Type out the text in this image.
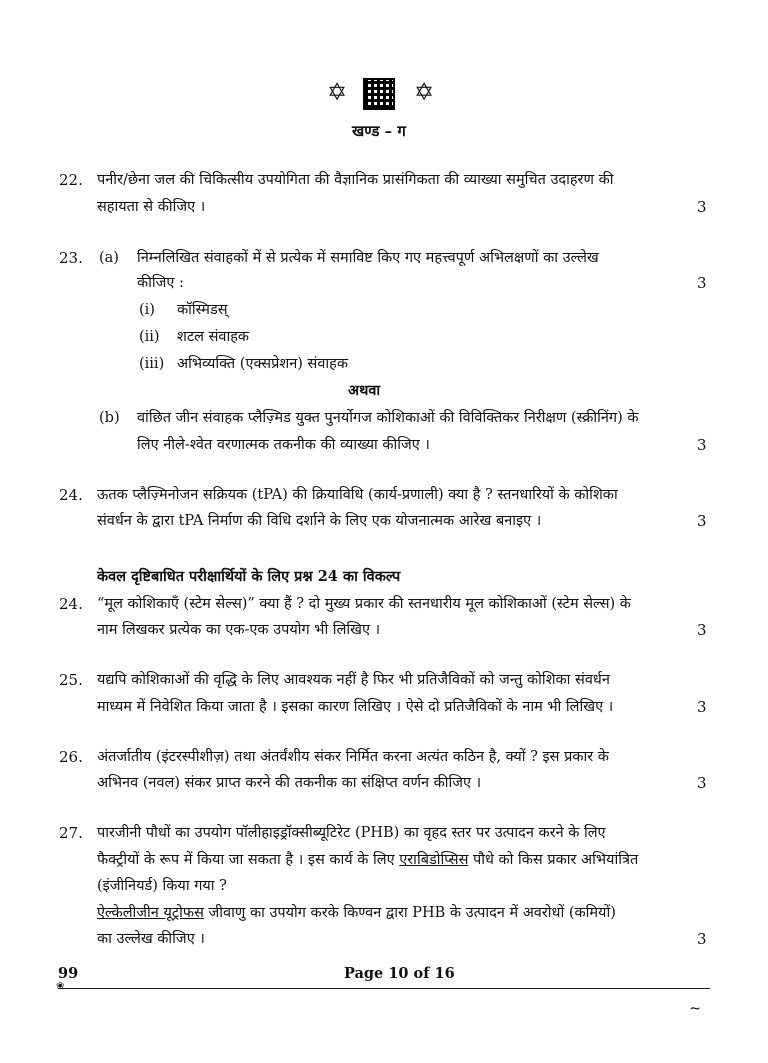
✡	✡
खण्ड – ग
22. पनीर/छेना जल की चिकित्सीय उपयोगिता की वैज्ञानिक प्रासंगिकता की व्याख्या समुचित उदाहरण की
सहायता से कीजिए ।	3
23. (a) निम्नलिखित संवाहकों में से प्रत्येक में समाविष्ट किए गए महत्त्वपूर्ण अभिलक्षणों का उल्लेख
कीजिए :	3
(i) कॉस्मिडस्
(ii) शटल संवाहक
(iii) अभिव्यक्ति (एक्सप्रेशन) संवाहक
अथवा
(b) वांछित जीन संवाहक प्लैज़्मिड युक्त पुनर्योगज कोशिकाओं की विविक्तिकर निरीक्षण (स्क्रीनिंग) के
लिए नीले-श्वेत वरणात्मक तकनीक की व्याख्या कीजिए ।	3
24. ऊतक प्लैज़्मिनोजन सक्रियक (tPA) की क्रियाविधि (कार्य-प्रणाली) क्या है ? स्तनधारियों के कोशिका
संवर्धन के द्वारा tPA निर्माण की विधि दर्शाने के लिए एक योजनात्मक आरेख बनाइए ।	3
केवल दृष्टिबाधित परीक्षार्थियों के लिए प्रश्न 24 का विकल्प
24. “मूल कोशिकाएँ (स्टेम सेल्स)” क्या हैं ? दो मुख्य प्रकार की स्तनधारीय मूल कोशिकाओं (स्टेम सेल्स) के
नाम लिखकर प्रत्येक का एक-एक उपयोग भी लिखिए ।	3
25. यद्यपि कोशिकाओं की वृद्धि के लिए आवश्यक नहीं है फिर भी प्रतिजैविकों को जन्तु कोशिका संवर्धन
माध्यम में निवेशित किया जाता है । इसका कारण लिखिए । ऐसे दो प्रतिजैविकों के नाम भी लिखिए ।	3
26. अंतर्जातीय (इंटरस्पीशीज़) तथा अंतर्वंशीय संकर निर्मित करना अत्यंत कठिन है, क्यों ? इस प्रकार के
अभिनव (नवल) संकर प्राप्त करने की तकनीक का संक्षिप्त वर्णन कीजिए ।	3
27. पारजीनी पौधों का उपयोग पॉलीहाइड्रॉक्सीब्यूटिरेट (PHB) का वृहद स्तर पर उत्पादन करने के लिए
फैक्ट्रीयों के रूप में किया जा सकता है । इस कार्य के लिए एराबिडोप्सिस पौधे को किस प्रकार अभियांत्रित
(इंजीनियर्ड) किया गया ?
ऐल्केलीजीन यूट्रोफस जीवाणु का उपयोग करके किण्वन द्वारा PHB के उत्पादन में अवरोधों (कमियों)
का उल्लेख कीजिए ।	3
99	Page 10 of 16
❀
~
